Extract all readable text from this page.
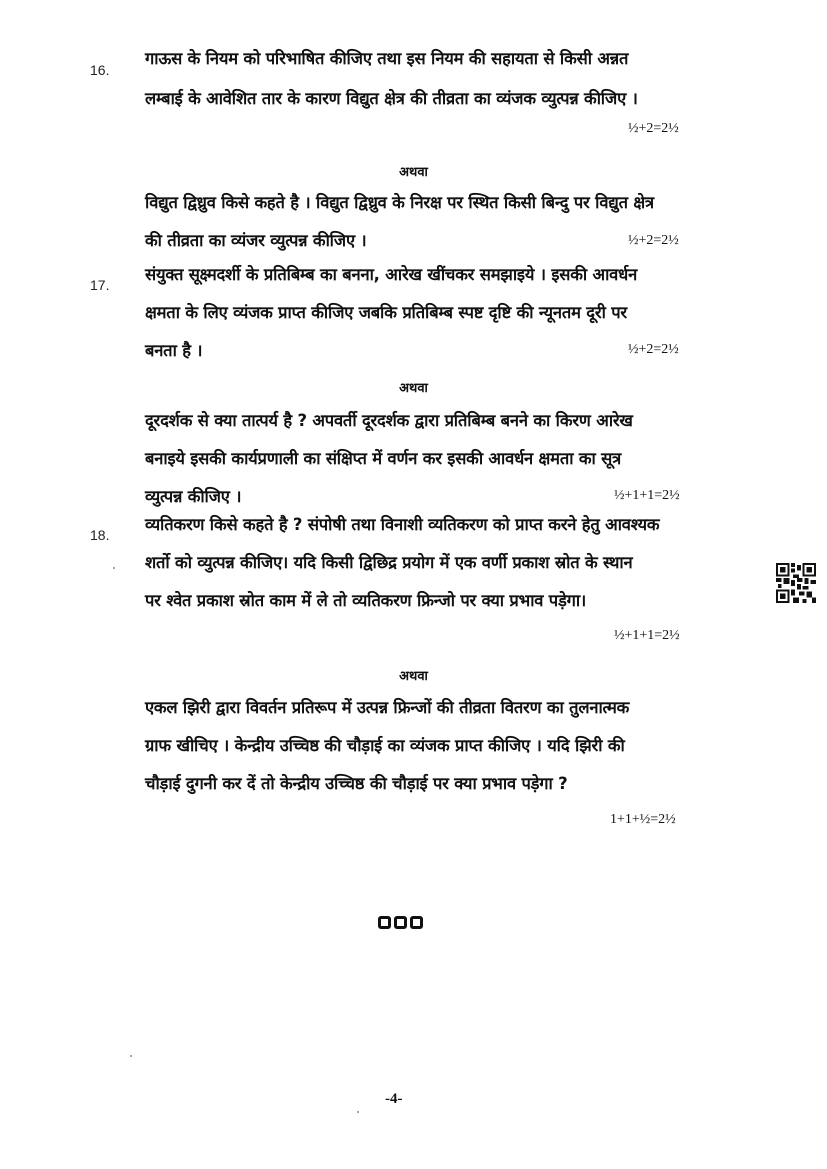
16.
गाऊस के नियम को परिभाषित कीजिए तथा इस नियम की सहायता से किसी अन्नत
लम्बाई के आवेशित तार के कारण विद्युत क्षेत्र की तीव्रता का व्यंजक व्युत्पन्न कीजिए ।
½+2=2½
अथवा
विद्युत द्विध्रुव किसे कहते है । विद्युत द्विध्रुव के निरक्ष पर स्थित किसी बिन्दु पर विद्युत क्षेत्र
की तीव्रता का व्यंजर व्युत्पन्न कीजिए ।	½+2=2½
17.
संयुक्त सूक्ष्मदर्शी के प्रतिबिम्ब का बनना, आरेख खींचकर समझाइये । इसकी आवर्धन
क्षमता के लिए व्यंजक प्राप्त कीजिए जबकि प्रतिबिम्ब स्पष्ट दृष्टि की न्यूनतम दूरी पर
बनता है ।	½+2=2½
अथवा
दूरदर्शक से क्या तात्पर्य है ? अपवर्ती दूरदर्शक द्वारा प्रतिबिम्ब बनने का किरण आरेख
बनाइये इसकी कार्यप्रणाली का संक्षिप्त में वर्णन कर इसकी आवर्धन क्षमता का सूत्र
व्युत्पन्न कीजिए ।	½+1+1=2½
18.
व्यतिकरण किसे कहते है ? संपोषी तथा विनाशी व्यतिकरण को प्राप्त करने हेतु आवश्यक
शर्तो को व्युत्पन्न कीजिए। यदि किसी द्विछिद्र प्रयोग में एक वर्णी प्रकाश स्रोत के स्थान
पर श्वेत प्रकाश स्रोत काम में ले तो व्यतिकरण फ्रिन्जो पर क्या प्रभाव पड़ेगा।
½+1+1=2½
अथवा
एकल झिरी द्वारा विवर्तन प्रतिरूप में उत्पन्न फ्रिन्जों की तीव्रता वितरण का तुलनात्मक
ग्राफ खीचिए । केन्द्रीय उच्चिष्ठ की चौड़ाई का व्यंजक प्राप्त कीजिए । यदि झिरी की
चौड़ाई दुगनी कर दें तो केन्द्रीय उच्चिष्ठ की चौड़ाई पर क्या प्रभाव पड़ेगा ?
1+1+½=2½
-4-
